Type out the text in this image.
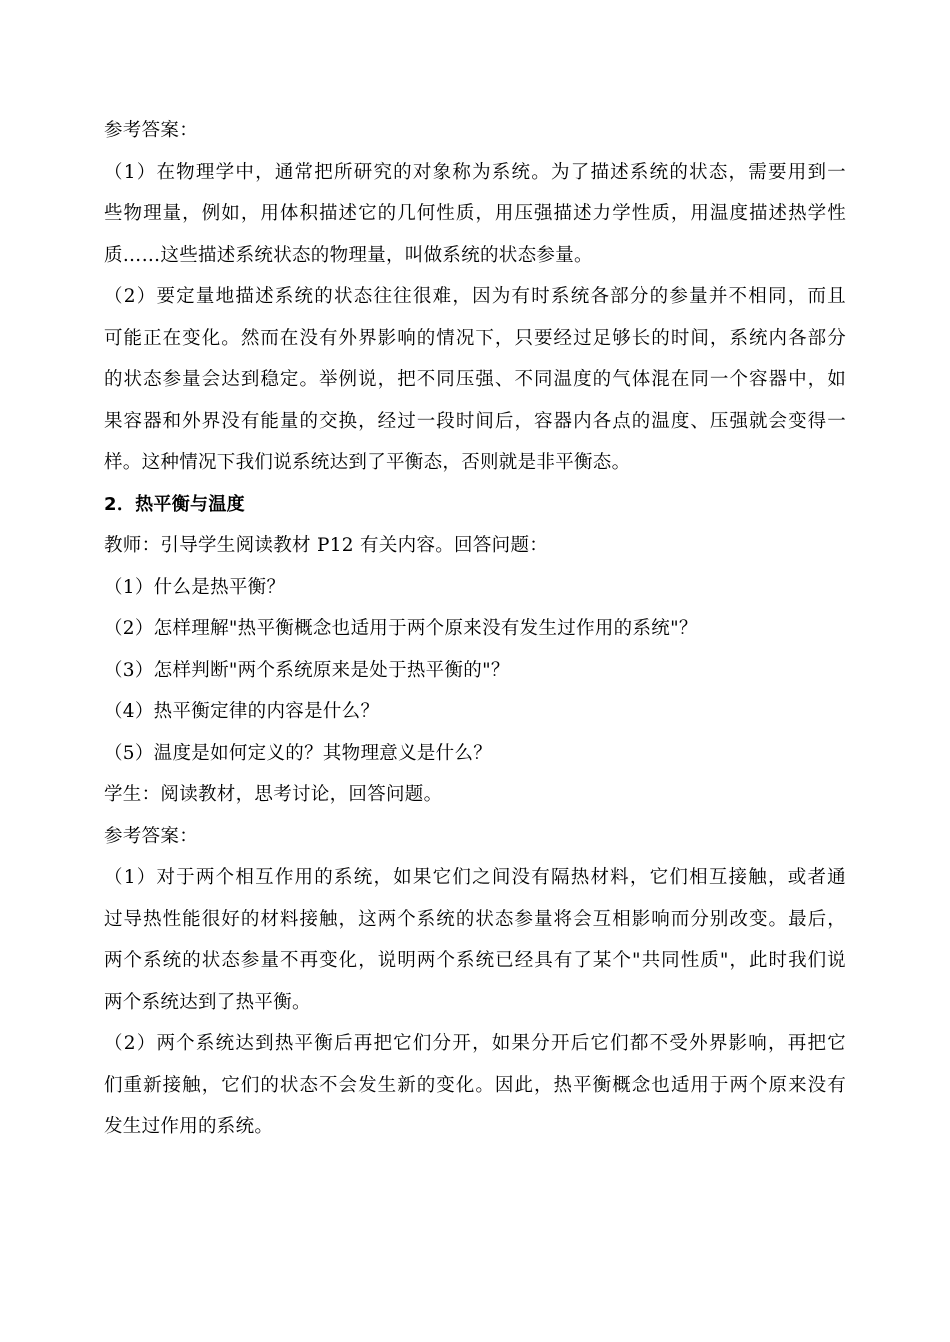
参考答案：
（1）在物理学中，通常把所研究的对象称为系统。为了描述系统的状态，需要用到一
些物理量，例如，用体积描述它的几何性质，用压强描述力学性质，用温度描述热学性
质……这些描述系统状态的物理量，叫做系统的状态参量。
（2）要定量地描述系统的状态往往很难，因为有时系统各部分的参量并不相同，而且
可能正在变化。然而在没有外界影响的情况下，只要经过足够长的时间，系统内各部分
的状态参量会达到稳定。举例说，把不同压强、不同温度的气体混在同一个容器中，如
果容器和外界没有能量的交换，经过一段时间后，容器内各点的温度、压强就会变得一
样。这种情况下我们说系统达到了平衡态，否则就是非平衡态。
2．热平衡与温度
教师：引导学生阅读教材 P12 有关内容。回答问题：
（1）什么是热平衡？
（2）怎样理解"热平衡概念也适用于两个原来没有发生过作用的系统"？
（3）怎样判断"两个系统原来是处于热平衡的"？
（4）热平衡定律的内容是什么？
（5）温度是如何定义的？其物理意义是什么？
学生：阅读教材，思考讨论，回答问题。
参考答案：
（1）对于两个相互作用的系统，如果它们之间没有隔热材料，它们相互接触，或者通
过导热性能很好的材料接触，这两个系统的状态参量将会互相影响而分别改变。最后，
两个系统的状态参量不再变化，说明两个系统已经具有了某个"共同性质"，此时我们说
两个系统达到了热平衡。
（2）两个系统达到热平衡后再把它们分开，如果分开后它们都不受外界影响，再把它
们重新接触，它们的状态不会发生新的变化。因此，热平衡概念也适用于两个原来没有
发生过作用的系统。
